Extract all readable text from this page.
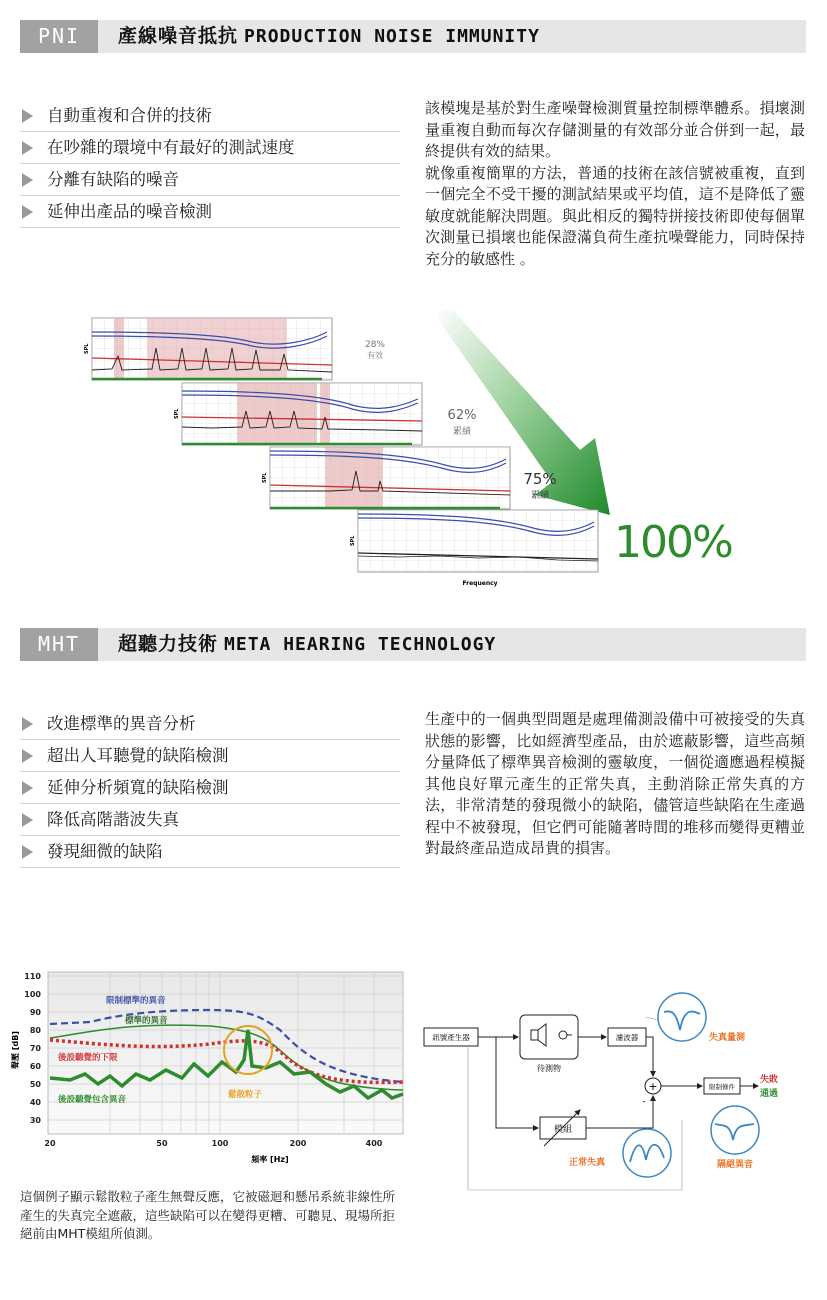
PNI	產線噪音抵抗 PRODUCTION NOISE IMMUNITY
自動重複和合併的技術
在吵雜的環境中有最好的測試速度
分離有缺陷的噪音
延伸出產品的噪音檢測

該模塊是基於對生產噪聲檢測質量控制標準體系。損壞測量重複自動而每次存儲測量的有效部分並合併到一起，最終提供有效的結果。
就像重複簡單的方法，普通的技術在該信號被重複，直到一個完全不受干擾的測試結果或平均值，這不是降低了靈敏度就能解決問題。與此相反的獨特拼接技術即使每個單次測量已損壞也能保證滿負荷生產抗噪聲能力，同時保持充分的敏感性 。

SPL	28%
有效
SPL	62%
累績
SPL	75%
累績
SPL
Frequency
100%
MHT	超聽力技術 META HEARING TECHNOLOGY
改進標準的異音分析
超出人耳聽覺的缺陷檢測
延伸分析頻寬的缺陷檢測
降低高階諧波失真
發現細微的缺陷

生產中的一個典型問題是處理備測設備中可被接受的失真狀態的影響，比如經濟型產品，由於遮蔽影響，這些高頻分量降低了標準異音檢測的靈敏度，一個從適應過程模擬其他良好單元產生的正常失真，主動消除正常失真的方法，非常清楚的發現微小的缺陷，儘管這些缺陷在生產過程中不被發現，但它們可能隨著時間的堆移而變得更糟並對最終產品造成昂貴的損害。

110
100
90
80
70
60
50
40
30
聲壓 [dB]
20	50	100	200	400
頻率 [Hz]
限制標準的異音
標準的異音
後設聽覺的下限
後設聽覺包含異音	鬆散粒子
訊號產生器
待測物
濾波器
模組
+
-
限制條件
失真量測
正常失真	隔絕異音
失敗
通過

這個例子顯示鬆散粒子產生無聲反應，它被磁迴和懸吊系統非線性所產生的失真完全遮蔽，這些缺陷可以在變得更糟、可聽見、現場所拒絕前由MHT模組所偵測。
